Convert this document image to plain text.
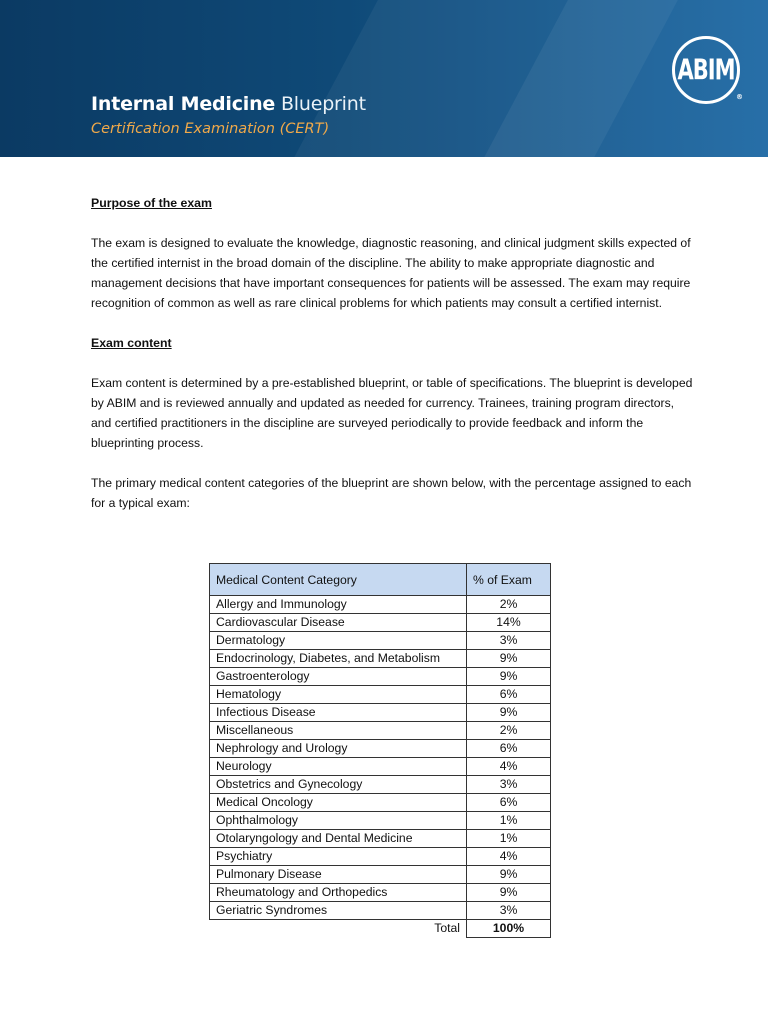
Internal Medicine Blueprint
Certification Examination (CERT)
ABIM
®
Purpose of the exam
The exam is designed to evaluate the knowledge, diagnostic reasoning, and clinical judgment skills expected of the certified internist in the broad domain of the discipline. The ability to make appropriate diagnostic and management decisions that have important consequences for patients will be assessed. The exam may require recognition of common as well as rare clinical problems for which patients may consult a certified internist.
Exam content
Exam content is determined by a pre-established blueprint, or table of specifications. The blueprint is developed by ABIM and is reviewed annually and updated as needed for currency. Trainees, training program directors, and certified practitioners in the discipline are surveyed periodically to provide feedback and inform the blueprinting process.
The primary medical content categories of the blueprint are shown below, with the percentage assigned to each for a typical exam:
Medical Content Category	% of Exam
Allergy and Immunology	2%
Cardiovascular Disease	14%
Dermatology	3%
Endocrinology, Diabetes, and Metabolism	9%
Gastroenterology	9%
Hematology	6%
Infectious Disease	9%
Miscellaneous	2%
Nephrology and Urology	6%
Neurology	4%
Obstetrics and Gynecology	3%
Medical Oncology	6%
Ophthalmology	1%
Otolaryngology and Dental Medicine	1%
Psychiatry	4%
Pulmonary Disease	9%
Rheumatology and Orthopedics	9%
Geriatric Syndromes	3%
Total	100%
